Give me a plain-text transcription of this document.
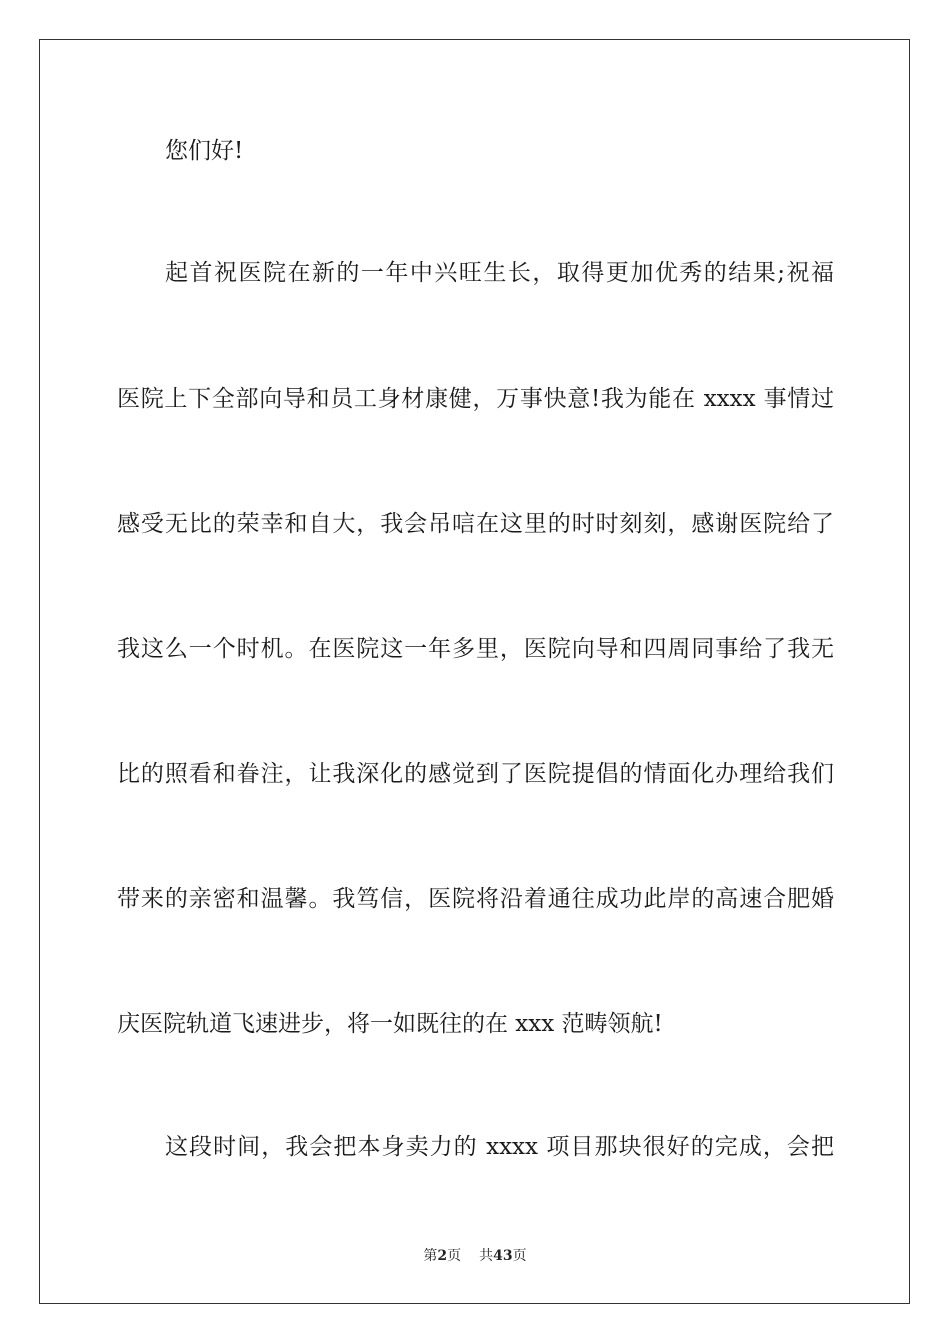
您们好!
起首祝医院在新的一年中兴旺生长，取得更加优秀的结果;祝福
医院上下全部向导和员工身材康健，万事快意!我为能在 xxxx 事情过
感受无比的荣幸和自大，我会吊唁在这里的时时刻刻，感谢医院给了
我这么一个时机。在医院这一年多里，医院向导和四周同事给了我无
比的照看和眷注，让我深化的感觉到了医院提倡的情面化办理给我们
带来的亲密和温馨。我笃信，医院将沿着通往成功此岸的高速合肥婚
庆医院轨道飞速进步，将一如既往的在 xxx 范畴领航!
这段时间，我会把本身卖力的 xxxx 项目那块很好的完成，会把
第2页 共43页
